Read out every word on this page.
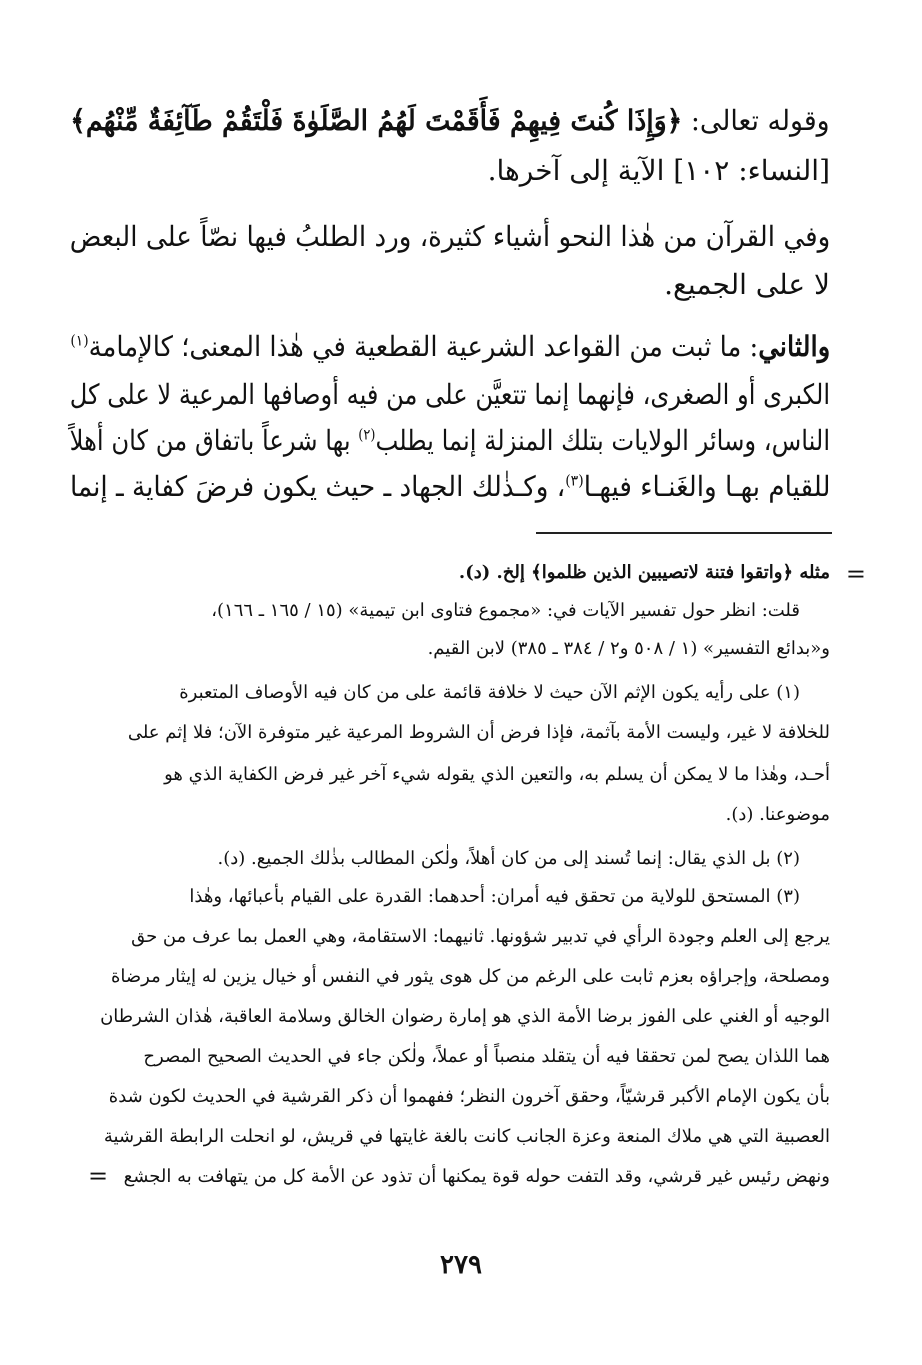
وقوله تعالى: ﴿وَإِذَا كُنتَ فِيهِمْ فَأَقَمْتَ لَهُمُ الصَّلَوٰةَ فَلْتَقُمْ طَآئِفَةٌ مِّنْهُم﴾

[النساء: ١٠٢] الآية إلى آخرها.

وفي القرآن من هٰذا النحو أشياء كثيرة، ورد الطلبُ فيها نصّاً على البعض

لا على الجميع.

والثاني: ما ثبت من القواعد الشرعية القطعية في هٰذا المعنى؛ كالإمامة$^{(١)}$

الكبرى أو الصغرى، فإنهما إنما تتعيَّن على من فيه أوصافها المرعية لا على كل

الناس، وسائر الولايات بتلك المنزلة إنما يطلب$^{(٢)}$ بها شرعاً باتفاق من كان أهلاً

للقيام بهـا والغَنـاء فيهـا$^{(٣)}$، وكـذٰلك الجهاد ـ حيث يكون فرضَ كفاية ـ إنما

=

مثله ﴿واتقوا فتنة لاتصيبين الذين ظلموا﴾ إلخ. (د).

قلت: انظر حول تفسير الآيات في: «مجموع فتاوى ابن تيمية» (١٥ / ١٦٥ ـ ١٦٦)،

و«بدائع التفسير» (١ / ٥٠٨ و٢ / ٣٨٤ ـ ٣٨٥) لابن القيم.

(١) على رأيه يكون الإثم الآن حيث لا خلافة قائمة على من كان فيه الأوصاف المتعبرة

للخلافة لا غير، وليست الأمة بآثمة، فإذا فرض أن الشروط المرعية غير متوفرة الآن؛ فلا إثم على

أحـد، وهٰذا ما لا يمكن أن يسلم به، والتعين الذي يقوله شيء آخر غير فرض الكفاية الذي هو

موضوعنا. (د).

(٢) بل الذي يقال: إنما تُسند إلى من كان أهلاً، ولٰكن المطالب بذٰلك الجميع. (د).

(٣) المستحق للولاية من تحقق فيه أمران: أحدهما: القدرة على القيام بأعبائها، وهٰذا

يرجع إلى العلم وجودة الرأي في تدبير شؤونها. ثانيهما: الاستقامة، وهي العمل بما عرف من حق

ومصلحة، وإجراؤه بعزم ثابت على الرغم من كل هوى يثور في النفس أو خيال يزين له إيثار مرضاة

الوجيه أو الغني على الفوز برضا الأمة الذي هو إمارة رضوان الخالق وسلامة العاقبة، هٰذان الشرطان

هما اللذان يصح لمن تحققا فيه أن يتقلد منصباً أو عملاً، ولٰكن جاء في الحديث الصحيح المصرح

بأن يكون الإمام الأكبر قرشيّاً، وحقق آخرون النظر؛ ففهموا أن ذكر القرشية في الحديث لكون شدة

العصبية التي هي ملاك المنعة وعزة الجانب كانت بالغة غايتها في قريش، لو انحلت الرابطة القرشية

ونهض رئيس غير قرشي، وقد التفت حوله قوة يمكنها أن تذود عن الأمة كل من يتهافت به الجشع

=
٢٧٩
